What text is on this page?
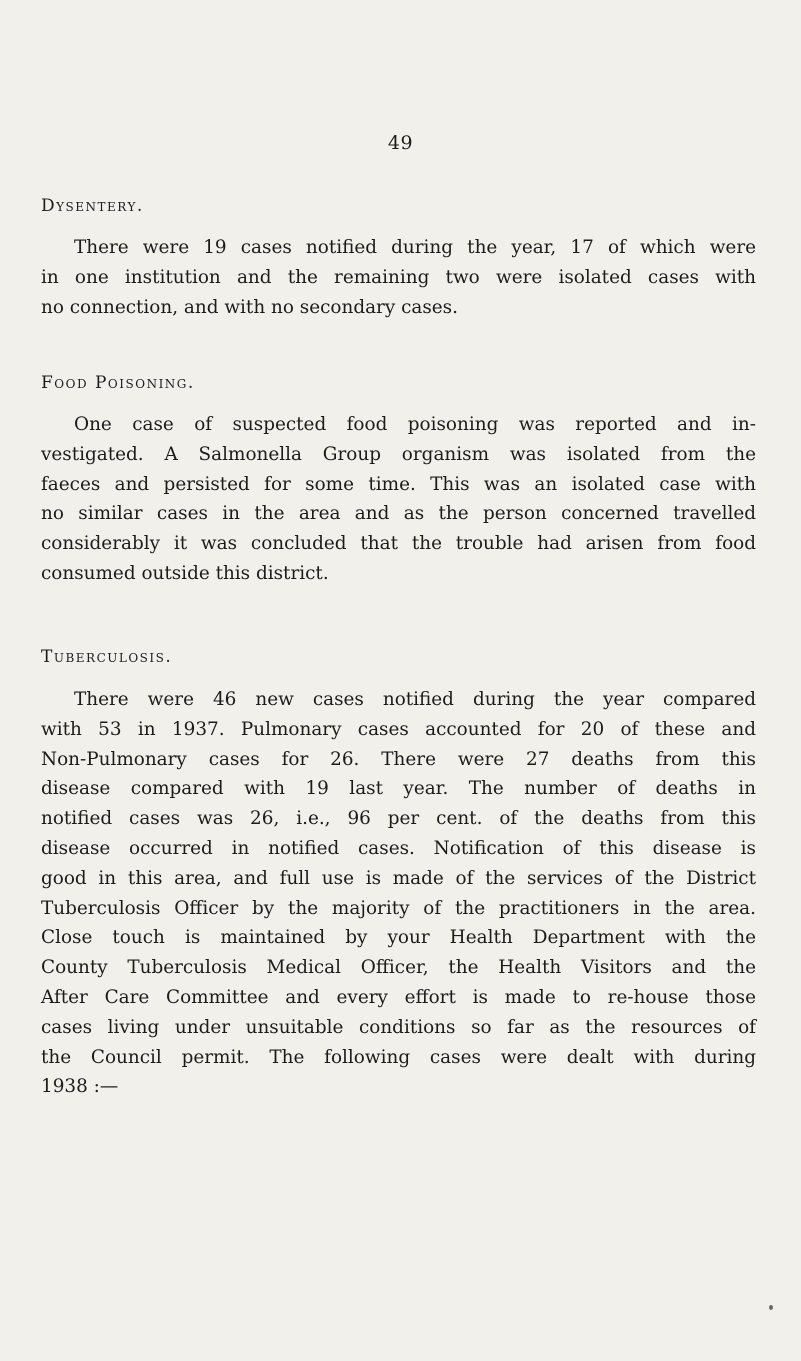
49
Dysentery.
There were 19 cases notified during the year, 17 of which were
in one institution and the remaining two were isolated cases with
no connection, and with no secondary cases.
Food Poisoning.
One case of suspected food poisoning was reported and in-
vestigated. A Salmonella Group organism was isolated from the
faeces and persisted for some time. This was an isolated case with
no similar cases in the area and as the person concerned travelled
considerably it was concluded that the trouble had arisen from food
consumed outside this district.
Tuberculosis.
There were 46 new cases notified during the year compared
with 53 in 1937. Pulmonary cases accounted for 20 of these and
Non-Pulmonary cases for 26. There were 27 deaths from this
disease compared with 19 last year. The number of deaths in
notified cases was 26, i.e., 96 per cent. of the deaths from this
disease occurred in notified cases. Notification of this disease is
good in this area, and full use is made of the services of the District
Tuberculosis Officer by the majority of the practitioners in the area.
Close touch is maintained by your Health Department with the
County Tuberculosis Medical Officer, the Health Visitors and the
After Care Committee and every effort is made to re-house those
cases living under unsuitable conditions so far as the resources of
the Council permit. The following cases were dealt with during
1938 :—
